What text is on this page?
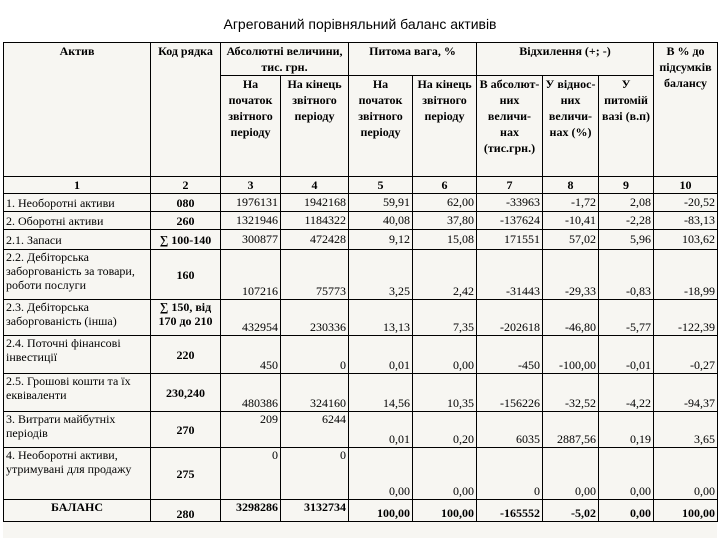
Агрегований порівняльний баланс активів
Актив	Код рядка	Абсолютні величини, тис. грн.		Питома вага, %		Відхилення (+; -)			В % до підсумків балансу
		На початок звітного періоду	На кінець звітного періоду	На початок звітного періоду	На кінець звітного періоду	В абсолют-них величи-нах (тис.грн.)	У віднос-них величи-нах (%)	У питомій вазі (в.п)	
1	2	3	4	5	6	7	8	9	10
1. Необоротні активи	080	1976131	1942168	59,91	62,00	-33963	-1,72	2,08	-20,52
2. Оборотні активи	260	1321946	1184322	40,08	37,80	-137624	-10,41	-2,28	-83,13
2.1. Запаси	∑ 100-140	300877	472428	9,12	15,08	171551	57,02	5,96	103,62
2.2. Дебіторська заборгованість за товари, роботи послуги	160	107216	75773	3,25	2,42	-31443	-29,33	-0,83	-18,99
2.3. Дебіторська заборгованість (інша)	∑ 150, від 170 до 210	432954	230336	13,13	7,35	-202618	-46,80	-5,77	-122,39
2.4. Поточні фінансові інвестиції	220	450	0	0,01	0,00	-450	-100,00	-0,01	-0,27
2.5. Грошові кошти та їх еквіваленти	230,240	480386	324160	14,56	10,35	-156226	-32,52	-4,22	-94,37
3. Витрати майбутніх періодів	270	209	6244	0,01	0,20	6035	2887,56	0,19	3,65
4. Необоротні активи, утримувані для продажу	275	0	0	0,00	0,00	0	0,00	0,00	0,00
БАЛАНС	280	3298286	3132734	100,00	100,00	-165552	-5,02	0,00	100,00
